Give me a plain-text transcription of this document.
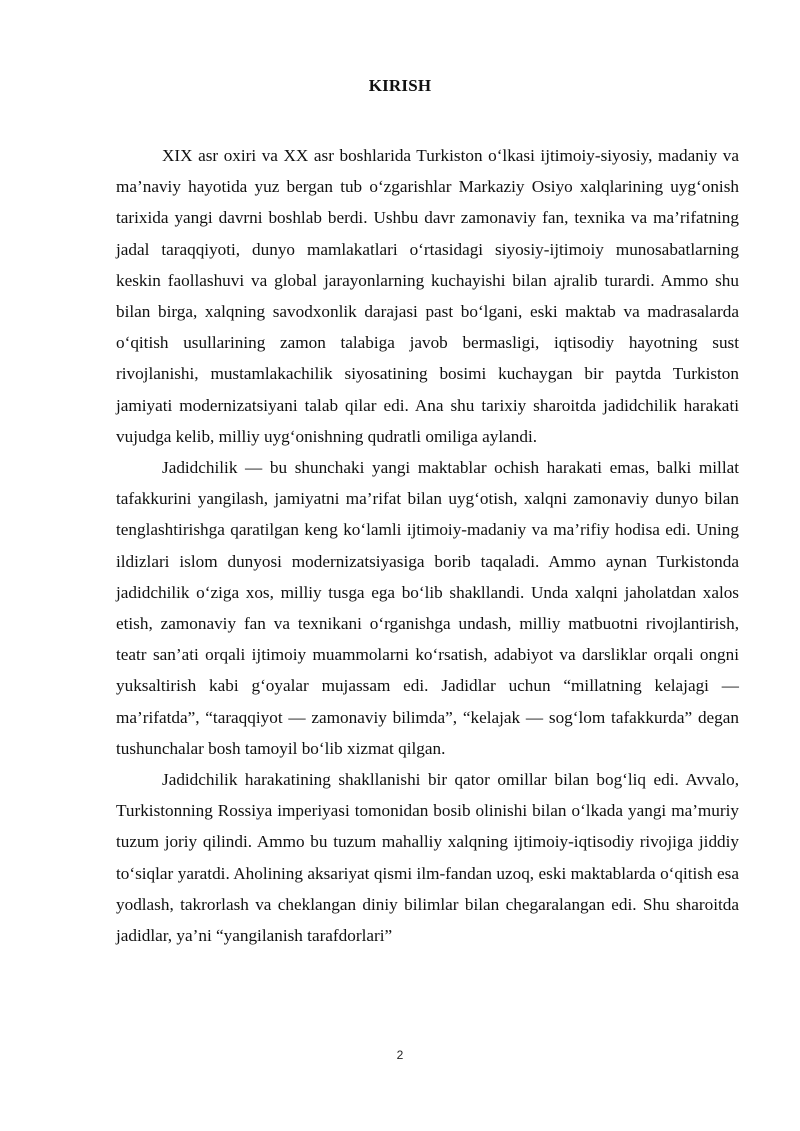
KIRISH

XIX asr oxiri va XX asr boshlarida Turkiston o‘lkasi ijtimoiy-siyosiy, madaniy va ma’naviy hayotida yuz bergan tub o‘zgarishlar Markaziy Osiyo xalqlarining uyg‘onish tarixida yangi davrni boshlab berdi. Ushbu davr zamonaviy fan, texnika va ma’rifatning jadal taraqqiyoti, dunyo mamlakatlari o‘rtasidagi siyosiy-ijtimoiy munosabatlarning keskin faollashuvi va global jarayonlarning kuchayishi bilan ajralib turardi. Ammo shu bilan birga, xalqning savodxonlik darajasi past bo‘lgani, eski maktab va madrasalarda o‘qitish usullarining zamon talabiga javob bermasligi, iqtisodiy hayotning sust rivojlanishi, mustamlakachilik siyosatining bosimi kuchaygan bir paytda Turkiston jamiyati modernizatsiyani talab qilar edi. Ana shu tarixiy sharoitda jadidchilik harakati vujudga kelib, milliy uyg‘onishning qudratli omiliga aylandi.

Jadidchilik — bu shunchaki yangi maktablar ochish harakati emas, balki millat tafakkurini yangilash, jamiyatni ma’rifat bilan uyg‘otish, xalqni zamonaviy dunyo bilan tenglashtirishga qaratilgan keng ko‘lamli ijtimoiy-madaniy va ma’rifiy hodisa edi. Uning ildizlari islom dunyosi modernizatsiyasiga borib taqaladi. Ammo aynan Turkistonda jadidchilik o‘ziga xos, milliy tusga ega bo‘lib shakllandi. Unda xalqni jaholatdan xalos etish, zamonaviy fan va texnikani o‘rganishga undash, milliy matbuotni rivojlantirish, teatr san’ati orqali ijtimoiy muammolarni ko‘rsatish, adabiyot va darsliklar orqali ongni yuksaltirish kabi g‘oyalar mujassam edi. Jadidlar uchun “millatning kelajagi — ma’rifatda”, “taraqqiyot — zamonaviy bilimda”, “kelajak — sog‘lom tafakkurda” degan tushunchalar bosh tamoyil bo‘lib xizmat qilgan.

Jadidchilik harakatining shakllanishi bir qator omillar bilan bog‘liq edi. Avvalo, Turkistonning Rossiya imperiyasi tomonidan bosib olinishi bilan o‘lkada yangi ma’muriy tuzum joriy qilindi. Ammo bu tuzum mahalliy xalqning ijtimoiy-iqtisodiy rivojiga jiddiy to‘siqlar yaratdi. Aholining aksariyat qismi ilm-fandan uzoq, eski maktablarda o‘qitish esa yodlash, takrorlash va cheklangan diniy bilimlar bilan chegaralangan edi. Shu sharoitda jadidlar, ya’ni “yangilanish tarafdorlari”

2
